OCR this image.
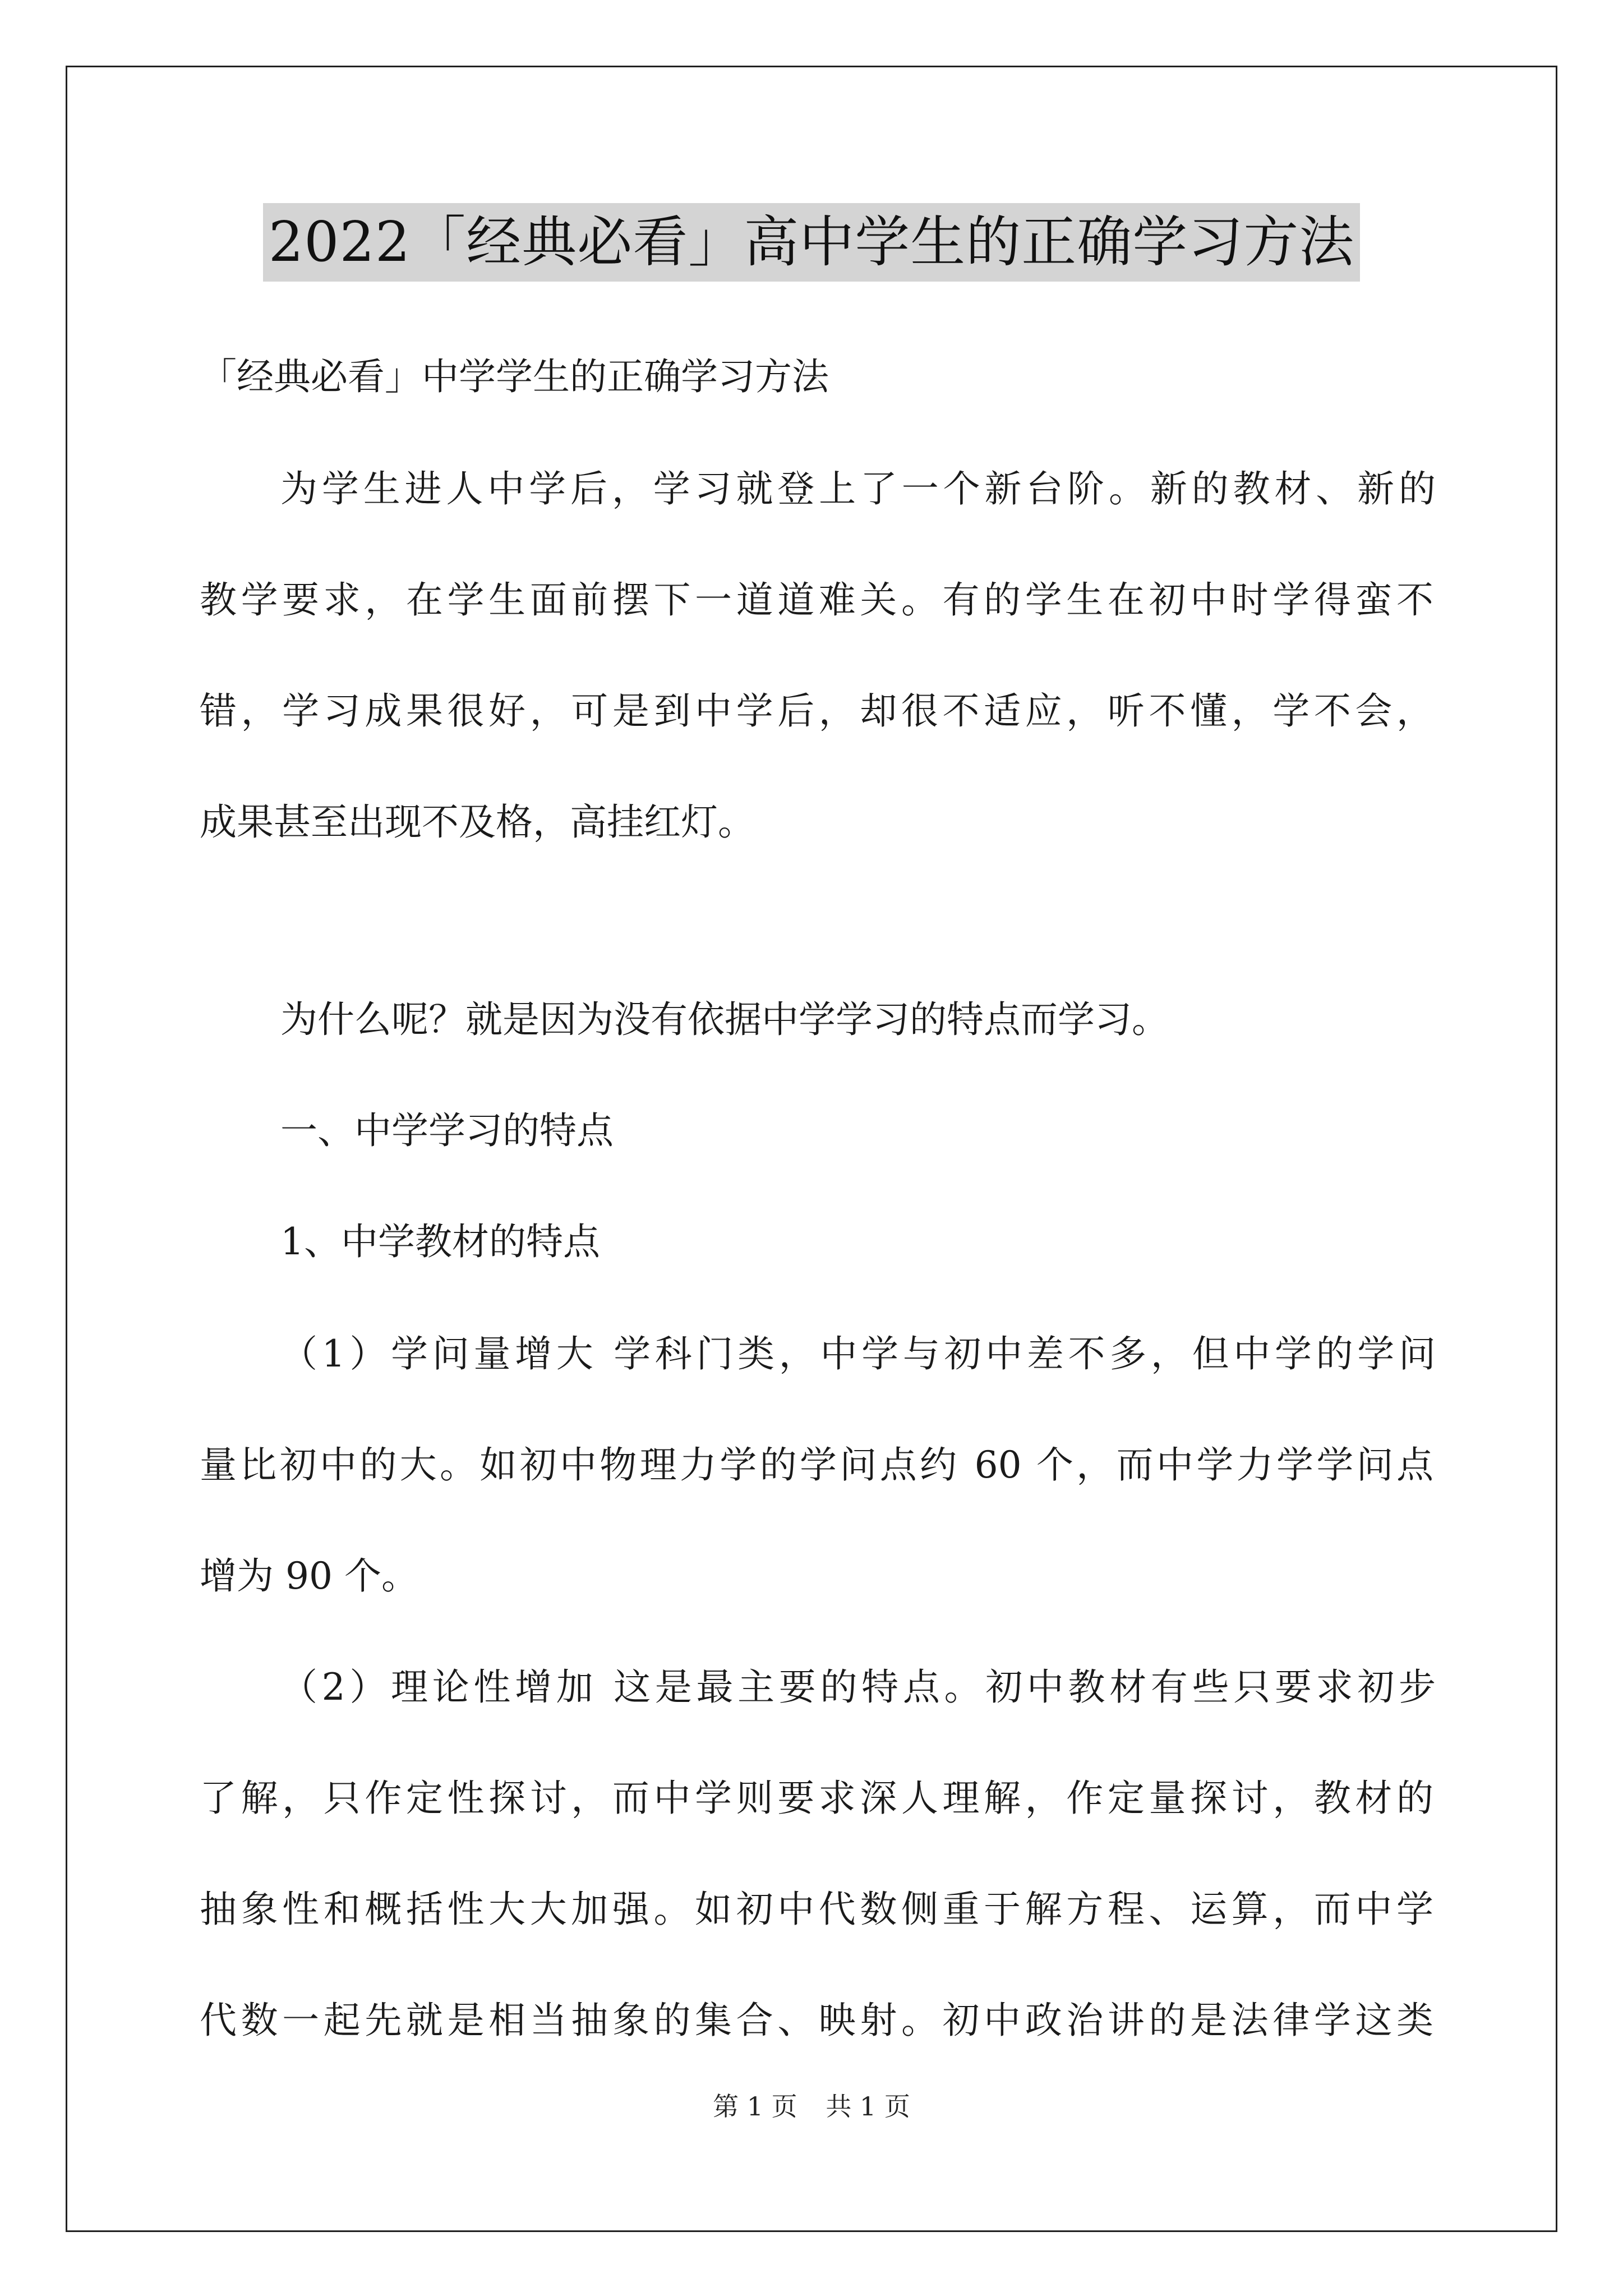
2022「经典必看」高中学生的正确学习方法
「经典必看」中学学生的正确学习方法
为学生进人中学后，学习就登上了一个新台阶。新的教材、新的
教学要求，在学生面前摆下一道道难关。有的学生在初中时学得蛮不
错，学习成果很好，可是到中学后，却很不适应，听不懂，学不会，
成果甚至出现不及格，高挂红灯。
为什么呢？就是因为没有依据中学学习的特点而学习。
一、中学学习的特点
1、中学教材的特点
（1）学问量增大 学科门类，中学与初中差不多，但中学的学问
量比初中的大。如初中物理力学的学问点约 60 个，而中学力学学问点
增为 90 个。
（2）理论性增加 这是最主要的特点。初中教材有些只要求初步
了解，只作定性探讨，而中学则要求深人理解，作定量探讨，教材的
抽象性和概括性大大加强。如初中代数侧重于解方程、运算，而中学
代数一起先就是相当抽象的集合、映射。初中政治讲的是法律学这类
第 1 页 共 1 页
